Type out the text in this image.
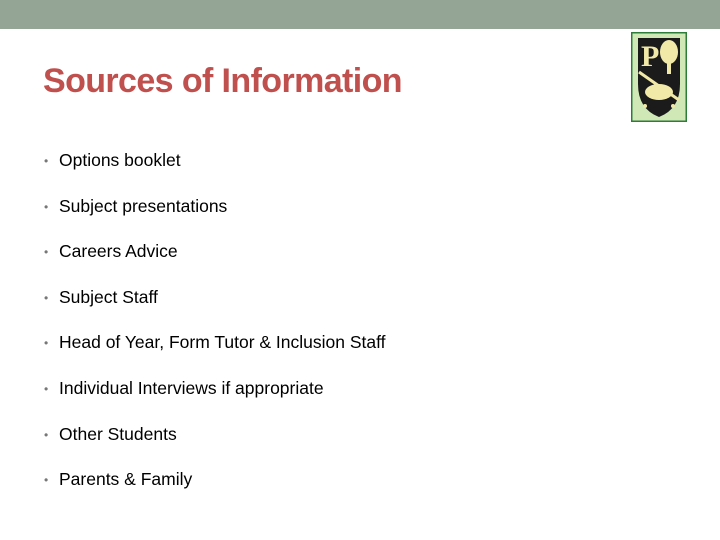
Sources of Information
P
• Options booklet
• Subject presentations
• Careers Advice
• Subject Staff
• Head of Year, Form Tutor & Inclusion Staff
• Individual Interviews if appropriate
• Other Students
• Parents & Family
